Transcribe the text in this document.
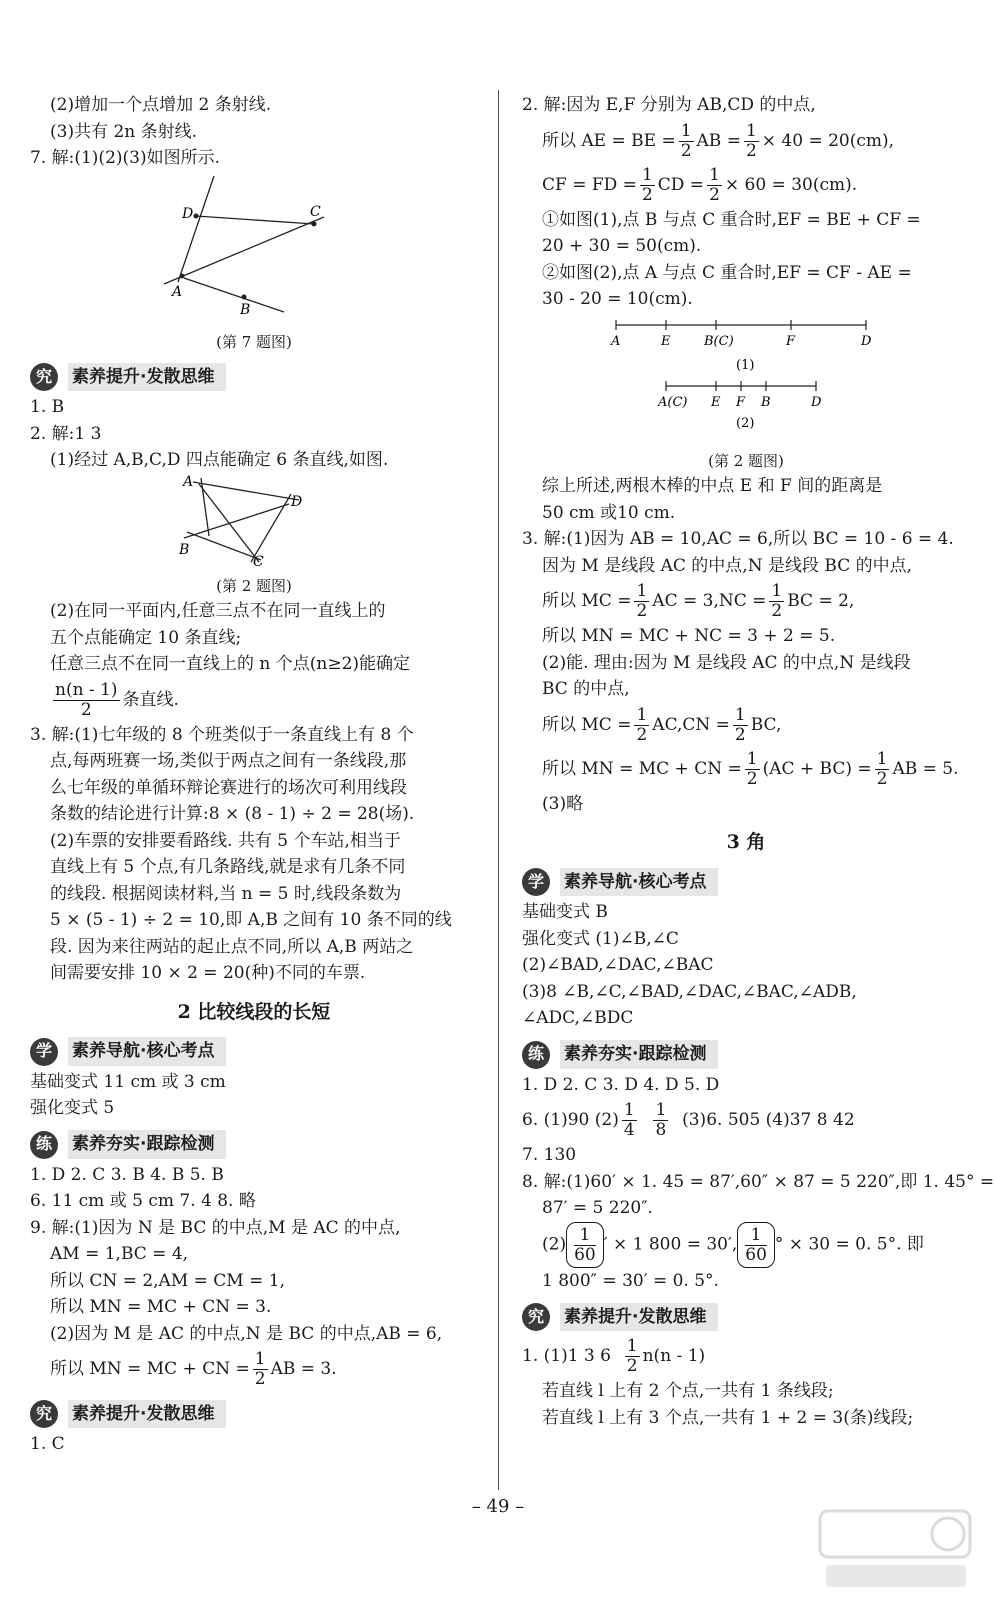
(2)增加一个点增加 2 条射线.
(3)共有 2n 条射线.
7. 解:(1)(2)(3)如图所示.
D	C
A
B
(第 7 题图)
究	素养提升·发散思维
1. B
2. 解:1 3
(1)经过 A,B,C,D 四点能确定 6 条直线,如图.
A
D
B
C
(第 2 题图)
(2)在同一平面内,任意三点不在同一直线上的
五个点能确定 10 条直线;
任意三点不在同一直线上的 n 个点(n≥2)能确定
$\frac{n(n - 1)}{2}$ 条直线.
3. 解:(1)七年级的 8 个班类似于一条直线上有 8 个
点,每两班赛一场,类似于两点之间有一条线段,那
么七年级的单循环辩论赛进行的场次可利用线段
条数的结论进行计算:8 × (8 - 1) ÷ 2 = 28(场).
(2)车票的安排要看路线. 共有 5 个车站,相当于
直线上有 5 个点,有几条路线,就是求有几条不同
的线段. 根据阅读材料,当 n = 5 时,线段条数为
5 × (5 - 1) ÷ 2 = 10,即 A,B 之间有 10 条不同的线
段. 因为来往两站的起止点不同,所以 A,B 两站之
间需要安排 10 × 2 = 20(种)不同的车票.
2 比较线段的长短
学	素养导航·核心考点
基础变式 11 cm 或 3 cm
强化变式 5
练	素养夯实·跟踪检测
1. D 2. C 3. B 4. B 5. B
6. 11 cm 或 5 cm 7. 4 8. 略
9. 解:(1)因为 N 是 BC 的中点,M 是 AC 的中点,
AM = 1,BC = 4,
所以 CN = 2,AM = CM = 1,
所以 MN = MC + CN = 3.
(2)因为 M 是 AC 的中点,N 是 BC 的中点,AB = 6,
所以 MN = MC + CN = $\frac{1}{2}$ AB = 3.
究	素养提升·发散思维
1. C
2. 解:因为 E,F 分别为 AB,CD 的中点,
所以 AE = BE = $\frac{1}{2}$ AB = $\frac{1}{2} \times 40 = 20(cm)$,
CF = FD = $\frac{1}{2}$ CD = $\frac{1}{2} \times 60 = 30(cm)$.
①如图(1),点 B 与点 C 重合时,EF = BE + CF =
20 + 30 = 50(cm).
②如图(2),点 A 与点 C 重合时,EF = CF - AE =
30 - 20 = 10(cm).
A	E	B(C)	F	D
(1)
A(C) E F B	D
(2)
(第 2 题图)
综上所述,两根木棒的中点 E 和 F 间的距离是
50 cm 或10 cm.
3. 解:(1)因为 AB = 10,AC = 6,所以 BC = 10 - 6 = 4.
因为 M 是线段 AC 的中点,N 是线段 BC 的中点,
所以 MC = $\frac{1}{2}$ AC = $3,NC = \frac{1}{2}$ BC = 2,
所以 MN = MC + NC = 3 + 2 = 5.
(2)能. 理由:因为 M 是线段 AC 的中点,N 是线段
BC 的中点,
所以 MC = $\frac{1}{2} AC,CN = \frac{1}{2}$ BC,
所以 MN = MC + CN = $\frac{1}{2} (AC + BC) = \frac{1}{2}$ AB = 5.
(3)略
3 角
学	素养导航·核心考点
基础变式 B
强化变式 (1)∠B,∠C
(2)∠BAD,∠DAC,∠BAC
(3)8 ∠B,∠C,∠BAD,∠DAC,∠BAC,∠ADB,
∠ADC,∠BDC
练	素养夯实·跟踪检测
1. D 2. C 3. D 4. D 5. D
6. (1)90 $(2) \frac{1}{4}$
$\frac{1}{8} (3)6$. 505 (4)37 8 42
7. 130
8. 解:(1)60′ × 1. 45 = 87′,60″ × 87 = 5 220″,即 1. 45° =
87′ = 5 220″.
$(2) \frac{1}{60}$ ′ × 1 800 = 30′, $\frac{1}{60}$ ° × 30 = 0. 5°. 即
1 800″ = 30′ = 0. 5°.
究	素养提升·发散思维
1. (1)1 3 $6 \frac{1}{2} n(n - 1)$
若直线 l 上有 2 个点,一共有 1 条线段;
若直线 l 上有 3 个点,一共有 1 + 2 = 3(条)线段;
– 49 –
